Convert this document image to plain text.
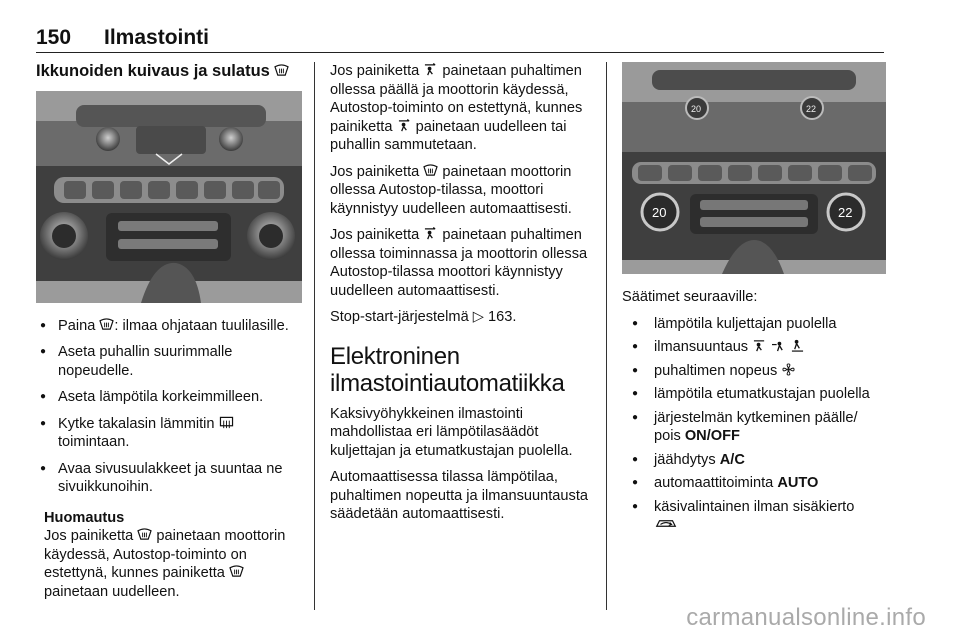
150 Ilmastointi
Ikkunoiden kuivaus ja sulatus
● Paina : ilmaa ohjataan tuulilasille.
● Aseta puhallin suurimmalle nopeudelle.
● Aseta lämpötila korkeimmilleen.
● Kytke takalasin lämmitin  toimintaan.
● Avaa sivusuulakkeet ja suuntaa ne sivuikkunoihin.
Huomautus
Jos painiketta  painetaan moottorin käydessä, Autostop-toiminto on estettynä, kunnes painiketta  painetaan uudelleen.

Jos painiketta  painetaan puhaltimen ollessa päällä ja moottorin käydessä, Autostop-toiminto on estettynä, kunnes painiketta  painetaan uudelleen tai puhallin sammutetaan.

Jos painiketta  painetaan moottorin ollessa Autostop-tilassa, moottori käynnistyy uudelleen automaattisesti.

Jos painiketta  painetaan puhaltimen ollessa toiminnassa ja moottorin ollessa Autostop-tilassa moottori käynnistyy uudelleen automaattisesti.

Stop-start-järjestelmä ▷ 163.

Elektroninen ilmastointiautomatiikka

Kaksivyöhykkeinen ilmastointi mahdollistaa eri lämpötilasäädöt kuljettajan ja etumatkustajan puolella.

Automaattisessa tilassa lämpötilaa, puhaltimen nopeutta ja ilmansuuntausta säädetään automaattisesti.

20	22
20	22

Säätimet seuraaville:

● lämpötila kuljettajan puolella
● ilmansuuntaus
● puhaltimen nopeus
● lämpötila etumatkustajan puolella
● järjestelmän kytkeminen päälle/ pois ON/OFF
● jäähdytys A/C
● automaattitoiminta AUTO
● käsivalintainen ilman sisäkierto

carmanualsonline.info
